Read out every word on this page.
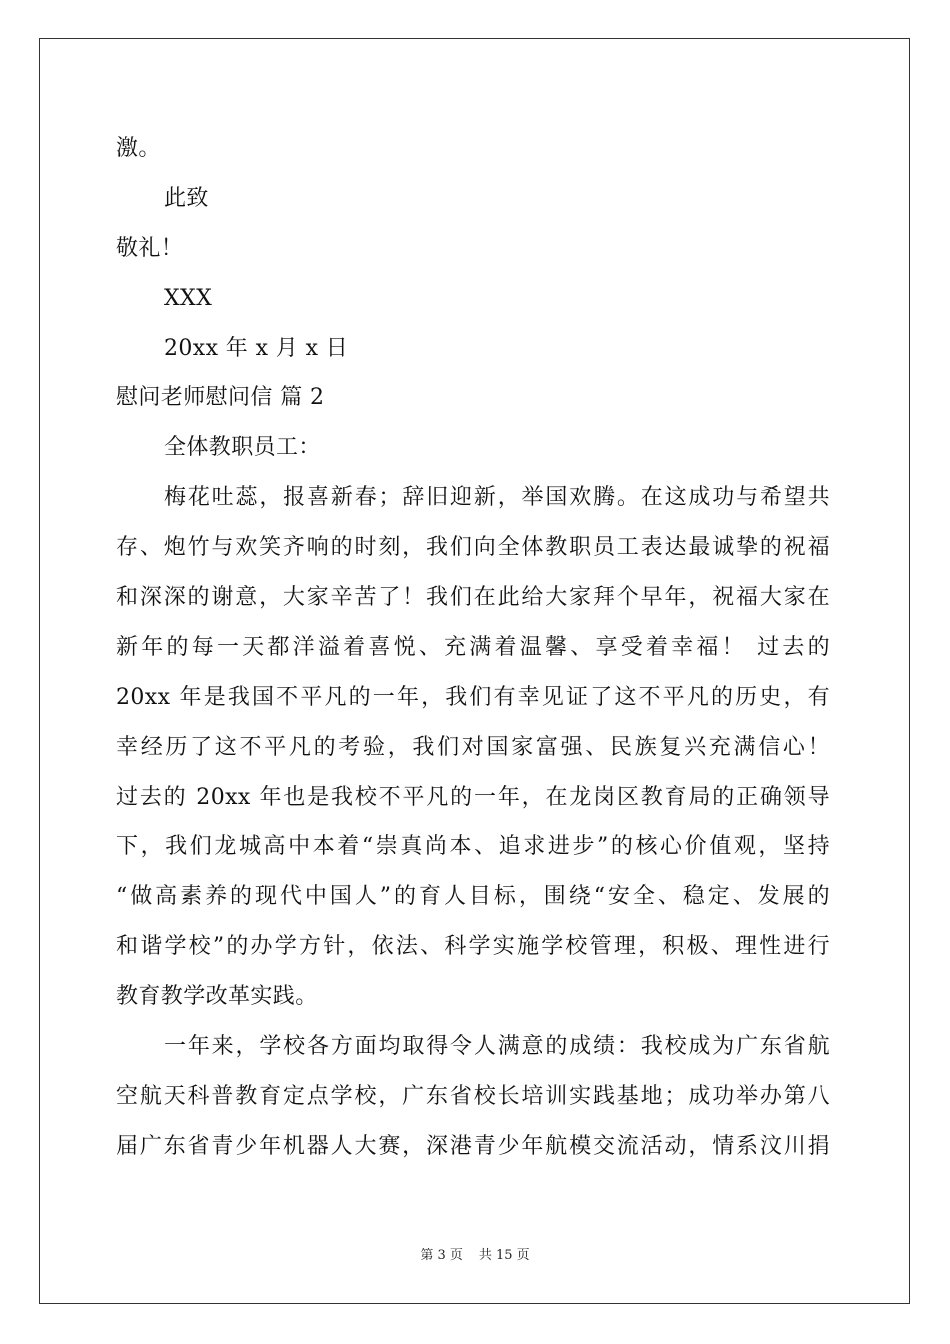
激。
此致
敬礼！
XXX
20xx 年 x 月 x 日
慰问老师慰问信 篇 2
全体教职员工：
梅花吐蕊，报喜新春；辞旧迎新，举国欢腾。在这成功与希望共
存、炮竹与欢笑齐响的时刻，我们向全体教职员工表达最诚挚的祝福
和深深的谢意，大家辛苦了！我们在此给大家拜个早年，祝福大家在
新年的每一天都洋溢着喜悦、充满着温馨、享受着幸福！ 过去的
20xx 年是我国不平凡的一年，我们有幸见证了这不平凡的历史，有
幸经历了这不平凡的考验，我们对国家富强、民族复兴充满信心！
过去的 20xx 年也是我校不平凡的一年，在龙岗区教育局的正确领导
下，我们龙城高中本着“崇真尚本、追求进步”的核心价值观，坚持
“做高素养的现代中国人”的育人目标，围绕“安全、稳定、发展的
和谐学校”的办学方针，依法、科学实施学校管理，积极、理性进行
教育教学改革实践。
一年来，学校各方面均取得令人满意的成绩：我校成为广东省航
空航天科普教育定点学校，广东省校长培训实践基地；成功举办第八
届广东省青少年机器人大赛，深港青少年航模交流活动，情系汶川捐
第 3 页 共 15 页
